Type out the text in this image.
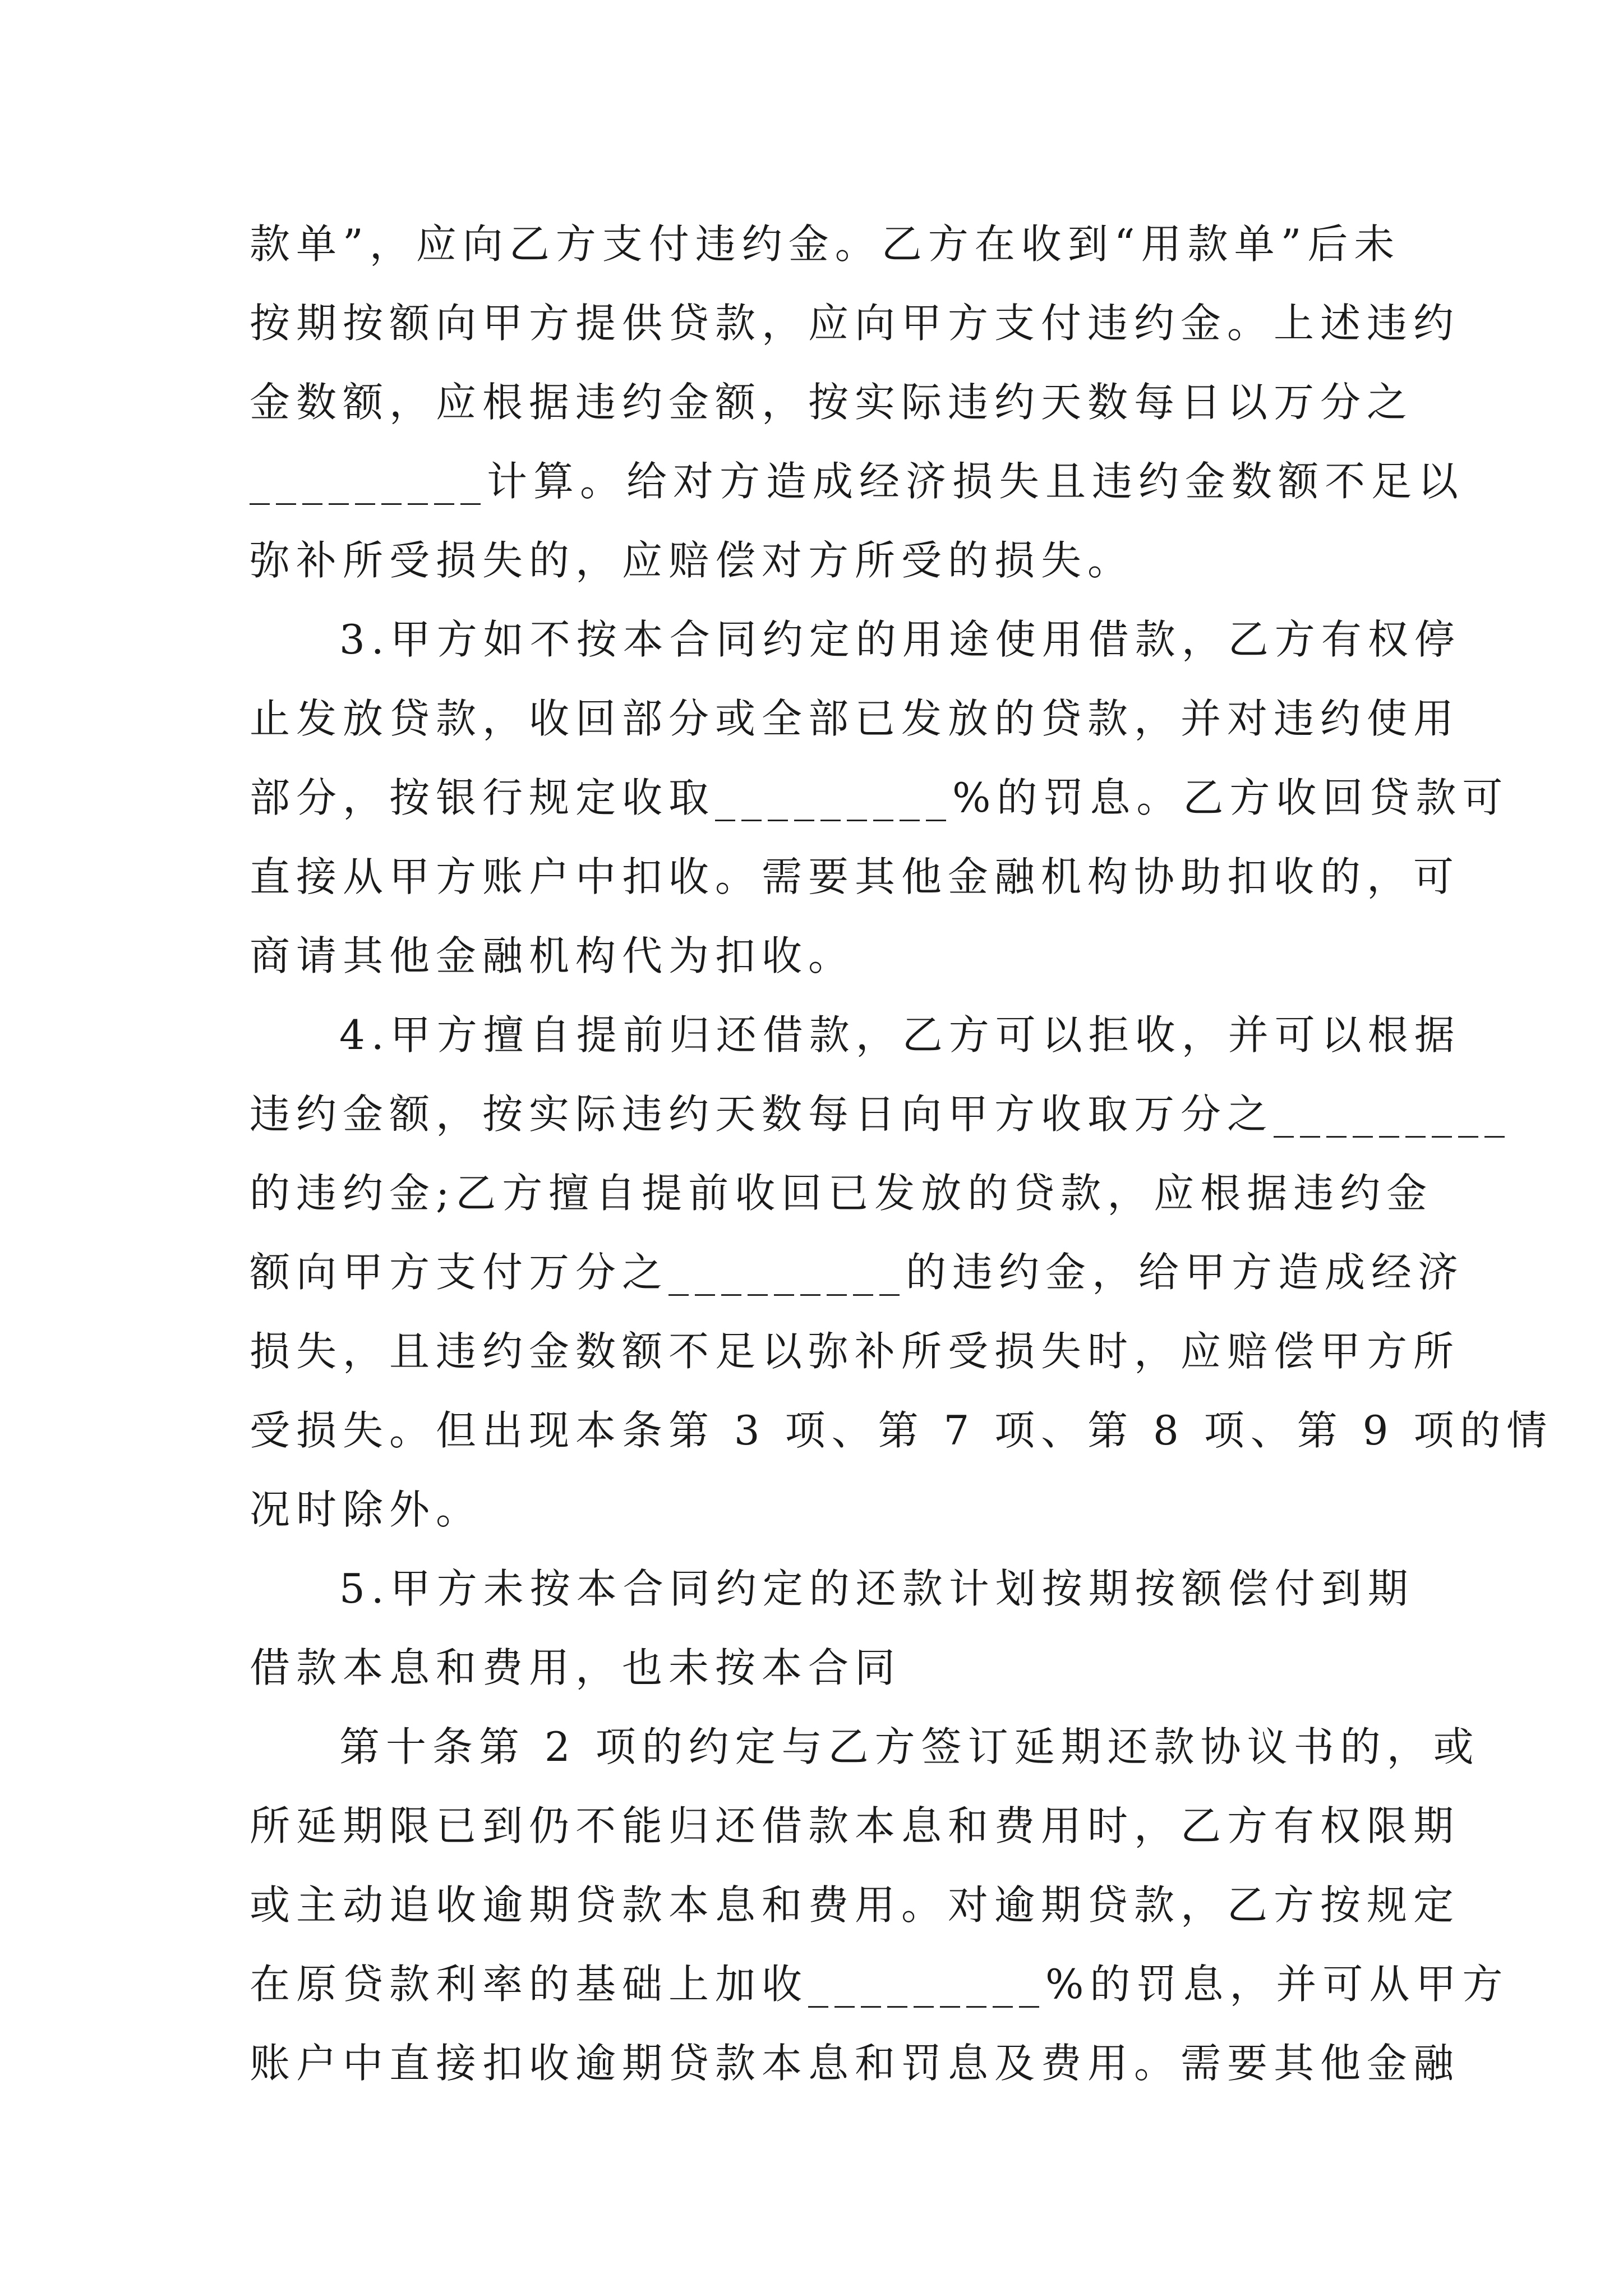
款单”，应向乙方支付违约金。乙方在收到“用款单”后未
按期按额向甲方提供贷款，应向甲方支付违约金。上述违约
金数额，应根据违约金额，按实际违约天数每日以万分之
_________计算。给对方造成经济损失且违约金数额不足以
弥补所受损失的，应赔偿对方所受的损失。
3.甲方如不按本合同约定的用途使用借款，乙方有权停
止发放贷款，收回部分或全部已发放的贷款，并对违约使用
部分，按银行规定收取_________%的罚息。乙方收回贷款可
直接从甲方账户中扣收。需要其他金融机构协助扣收的，可
商请其他金融机构代为扣收。
4.甲方擅自提前归还借款，乙方可以拒收，并可以根据
违约金额，按实际违约天数每日向甲方收取万分之_________
的违约金;乙方擅自提前收回已发放的贷款，应根据违约金
额向甲方支付万分之_________的违约金，给甲方造成经济
损失，且违约金数额不足以弥补所受损失时，应赔偿甲方所
受损失。但出现本条第 3 项、第 7 项、第 8 项、第 9 项的情
况时除外。
5.甲方未按本合同约定的还款计划按期按额偿付到期
借款本息和费用，也未按本合同
第十条第 2 项的约定与乙方签订延期还款协议书的，或
所延期限已到仍不能归还借款本息和费用时，乙方有权限期
或主动追收逾期贷款本息和费用。对逾期贷款，乙方按规定
在原贷款利率的基础上加收_________%的罚息，并可从甲方
账户中直接扣收逾期贷款本息和罚息及费用。需要其他金融
